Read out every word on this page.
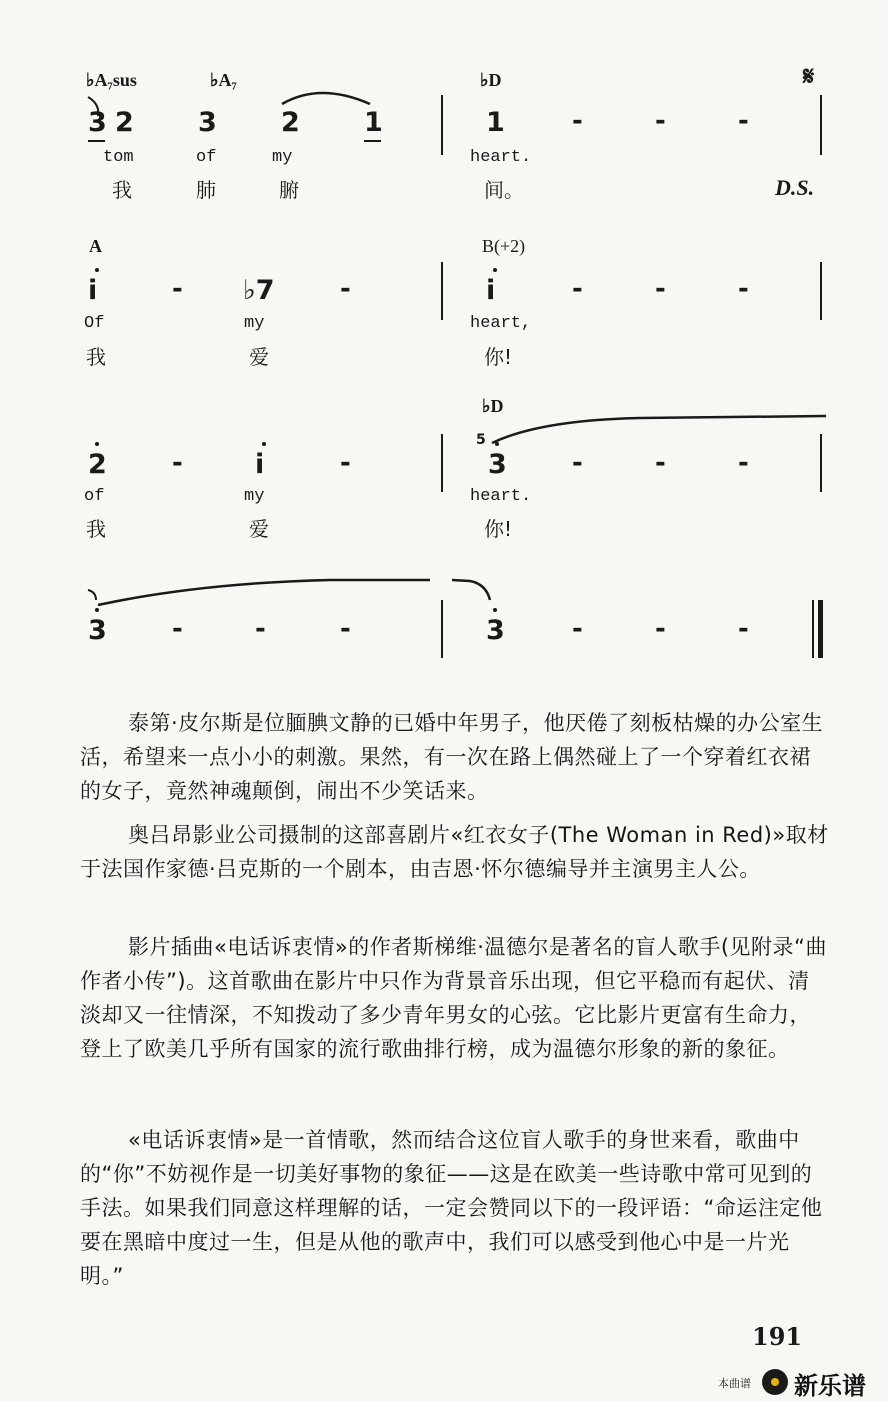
♭A₇sus	♭A₇	♭D	𝄋
3 2 3 2 1	1	-	-	-
tom	of	my	heart.
我	肺	腑	间。	D.S.
A	B(+2)
i	- ♭7	-	i	-	-	-
Of	my	heart,
我	爱	你!
♭D
2	-	i	-
5
3	-	-	-
of	my	heart.
我	爱	你!
3	-	-	-	3	-	-	-
泰第·皮尔斯是位腼腆文静的已婚中年男子，他厌倦了刻板枯燥的办公室生活，希望来一点小小的刺激。果然，有一次在路上偶然碰上了一个穿着红衣裙的女子，竟然神魂颠倒，闹出不少笑话来。
奥吕昂影业公司摄制的这部喜剧片«红衣女子(The Woman in Red)»取材于法国作家德·吕克斯的一个剧本，由吉恩·怀尔德编导并主演男主人公。
影片插曲«电话诉衷情»的作者斯梯维·温德尔是著名的盲人歌手(见附录“曲作者小传”)。这首歌曲在影片中只作为背景音乐出现，但它平稳而有起伏、清淡却又一往情深，不知拨动了多少青年男女的心弦。它比影片更富有生命力，登上了欧美几乎所有国家的流行歌曲排行榜，成为温德尔形象的新的象征。
«电话诉衷情»是一首情歌，然而结合这位盲人歌手的身世来看，歌曲中的“你”不妨视作是一切美好事物的象征——这是在欧美一些诗歌中常可见到的手法。如果我们同意这样理解的话，一定会赞同以下的一段评语：“命运注定他要在黑暗中度过一生，但是从他的歌声中，我们可以感受到他心中是一片光明。”
191
本曲谱 新乐谱
